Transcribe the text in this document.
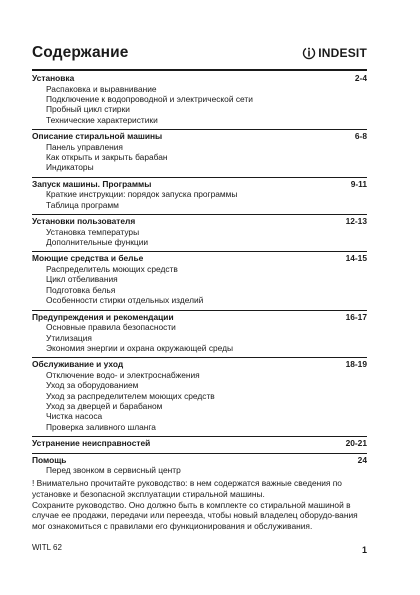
Содержание	INDESIT
Установка	2-4
Распаковка и выравнивание
Подключение к водопроводной и электрической сети
Пробный цикл стирки
Технические характеристики
Описание стиральной машины	6-8
Панель управления
Как открыть и закрыть барабан
Индикаторы
Запуск машины. Программы	9-11
Краткие инструкции: порядок запуска программы
Таблица программ
Установки пользователя	12-13
Установка температуры
Дополнительные функции
Моющие средства и белье	14-15
Распределитель моющих средств
Цикл отбеливания
Подготовка белья
Особенности стирки отдельных изделий
Предупреждения и рекомендации	16-17
Основные правила безопасности
Утилизация
Экономия энергии и охрана окружающей среды
Обслуживание и уход	18-19
Отключение водо- и электроснабжения
Уход за оборудованием
Уход за распределителем моющих средств
Уход за дверцей и барабаном
Чистка насоса
Проверка заливного шланга
Устранение неисправностей	20-21
Помощь	24
Перед звонком в сервисный центр

! Внимательно прочитайте руководство: в нем содержатся важные сведения по установке и безопасной эксплуатации стиральной машины.

Сохраните руководство. Оно должно быть в комплекте со стиральной машиной в случае ее продажи, передачи или переезда, чтобы новый владелец оборудо-вания мог ознакомиться с правилами его функционирования и обслуживания.

WITL 62	1
